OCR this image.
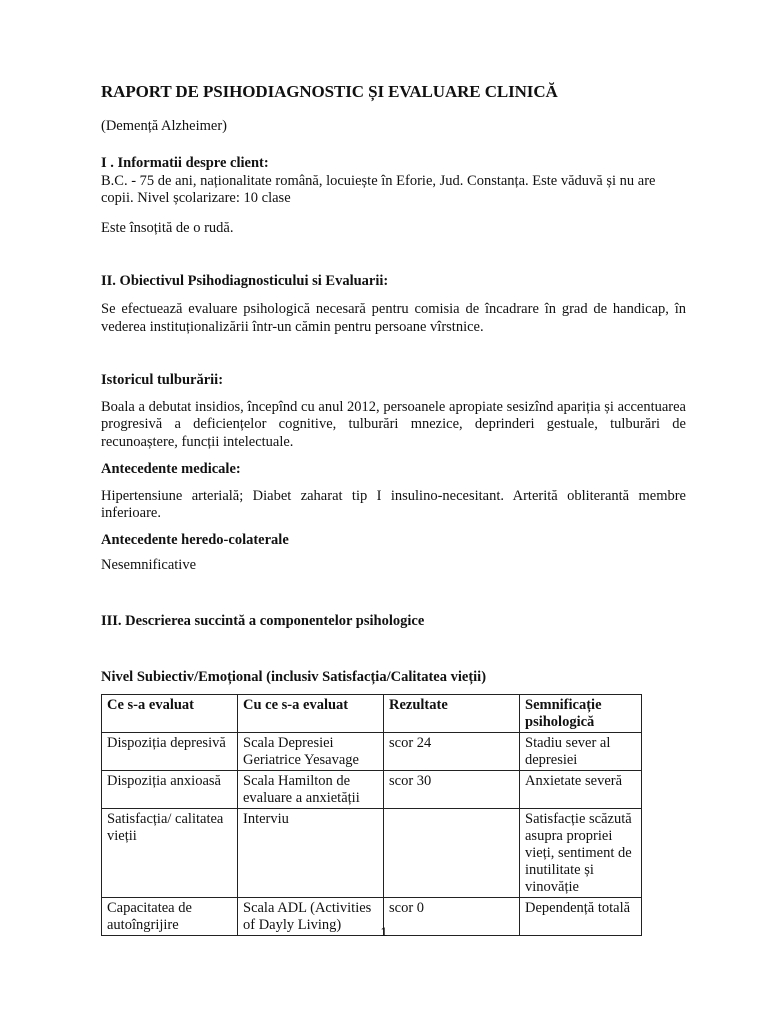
RAPORT DE PSIHODIAGNOSTIC ȘI EVALUARE CLINICĂ

(Demență Alzheimer)

I . Informatii despre client:

B.C. - 75 de ani, naționalitate română, locuiește în Eforie, Jud. Constanța. Este văduvă și nu are

copii. Nivel școlarizare: 10 clase

Este însoțită de o rudă.

II. Obiectivul Psihodiagnosticului si Evaluarii:

Se efectuează evaluare psihologică necesară pentru comisia de încadrare în grad de handicap, în

vederea instituționalizării într-un cămin pentru persoane vîrstnice.

Istoricul tulburării:

Boala a debutat insidios, începînd cu anul 2012, persoanele apropiate sesizînd apariția și accentuarea

progresivă a deficiențelor cognitive, tulburări mnezice, deprinderi gestuale, tulburări de

recunoaștere, funcții intelectuale.

Antecedente medicale:

Hipertensiune arterială; Diabet zaharat tip I insulino-necesitant. Arterită obliterantă membre

inferioare.

Antecedente heredo-colaterale

Nesemnificative

III. Descrierea succintă a componentelor psihologice

Nivel Subiectiv/Emoțional (inclusiv Satisfacția/Calitatea vieții)

Ce s-a evaluat	Cu ce s-a evaluat	Rezultate	Semnificație psihologică
Dispoziția depresivă	Scala Depresiei Geriatrice Yesavage	scor 24	Stadiu sever al depresiei
Dispoziția anxioasă	Scala Hamilton de evaluare a anxietății	scor 30	Anxietate severă
Satisfacția/ calitatea vieții	Interviu		Satisfacție scăzută asupra propriei vieți, sentiment de inutilitate și vinovăție
Capacitatea de autoîngrijire	Scala ADL (Activities of Dayly Living)	scor 0	Dependență totală
1
